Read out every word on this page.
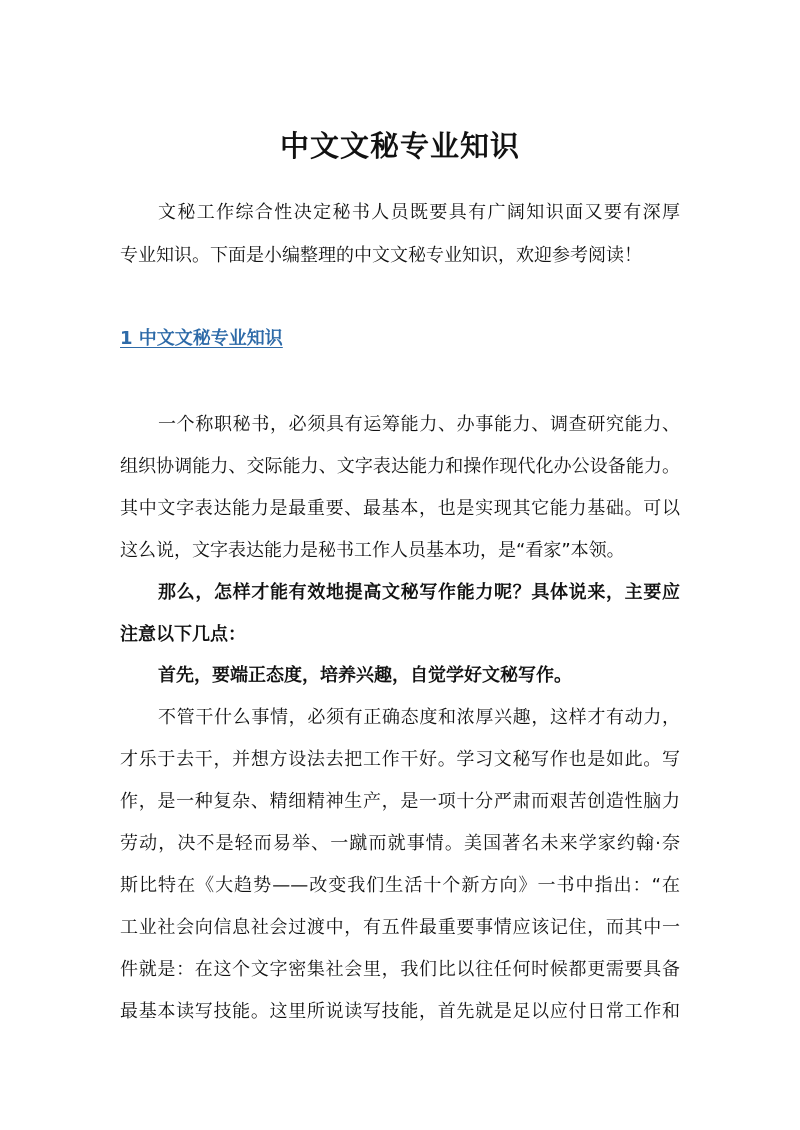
中文文秘专业知识
文秘工作综合性决定秘书人员既要具有广阔知识面又要有深厚
专业知识。下面是小编整理的中文文秘专业知识，欢迎参考阅读！
1 中文文秘专业知识
一个称职秘书，必须具有运筹能力、办事能力、调查研究能力、
组织协调能力、交际能力、文字表达能力和操作现代化办公设备能力。
其中文字表达能力是最重要、最基本，也是实现其它能力基础。可以
这么说，文字表达能力是秘书工作人员基本功，是“看家”本领。
那么，怎样才能有效地提高文秘写作能力呢？具体说来，主要应
注意以下几点：
首先，要端正态度，培养兴趣，自觉学好文秘写作。
不管干什么事情，必须有正确态度和浓厚兴趣，这样才有动力，
才乐于去干，并想方设法去把工作干好。学习文秘写作也是如此。写
作，是一种复杂、精细精神生产，是一项十分严肃而艰苦创造性脑力
劳动，决不是轻而易举、一蹴而就事情。美国著名未来学家约翰·奈
斯比特在《大趋势——改变我们生活十个新方向》一书中指出：“在
工业社会向信息社会过渡中，有五件最重要事情应该记住，而其中一
件就是：在这个文字密集社会里，我们比以往任何时候都更需要具备
最基本读写技能。这里所说读写技能，首先就是足以应付日常工作和
